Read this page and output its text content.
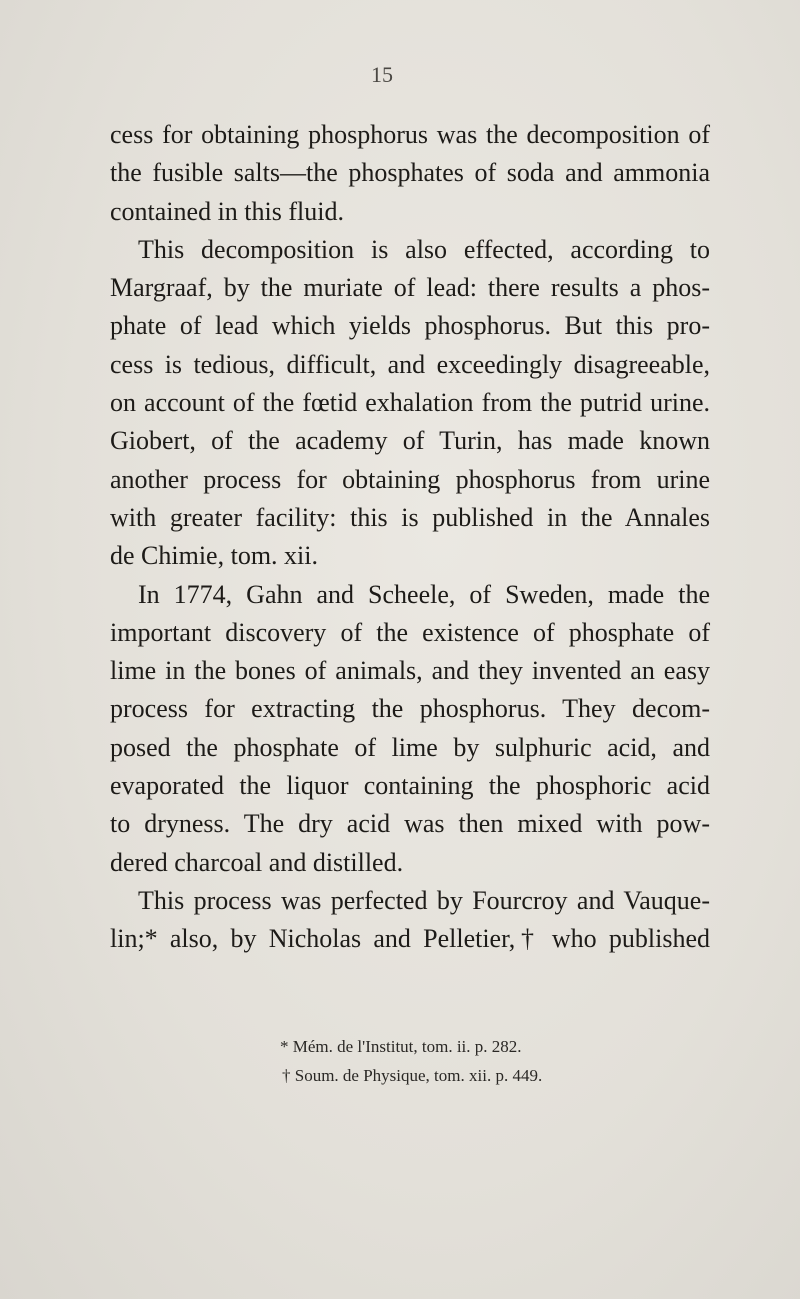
15
cess for obtaining phosphorus was the decomposition of
the fusible salts—the phosphates of soda and ammonia
contained in this fluid.
This decomposition is also effected, according to
Margraaf, by the muriate of lead: there results a phos-
phate of lead which yields phosphorus. But this pro-
cess is tedious, difficult, and exceedingly disagreeable,
on account of the fœtid exhalation from the putrid urine.
Giobert, of the academy of Turin, has made known
another process for obtaining phosphorus from urine
with greater facility: this is published in the Annales
de Chimie, tom. xii.
In 1774, Gahn and Scheele, of Sweden, made the
important discovery of the existence of phosphate of
lime in the bones of animals, and they invented an easy
process for extracting the phosphorus. They decom-
posed the phosphate of lime by sulphuric acid, and
evaporated the liquor containing the phosphoric acid
to dryness. The dry acid was then mixed with pow-
dered charcoal and distilled.
This process was perfected by Fourcroy and Vauque-
lin;* also, by Nicholas and Pelletier,† who published
* Mém. de l'Institut, tom. ii. p. 282.
† Soum. de Physique, tom. xii. p. 449.
